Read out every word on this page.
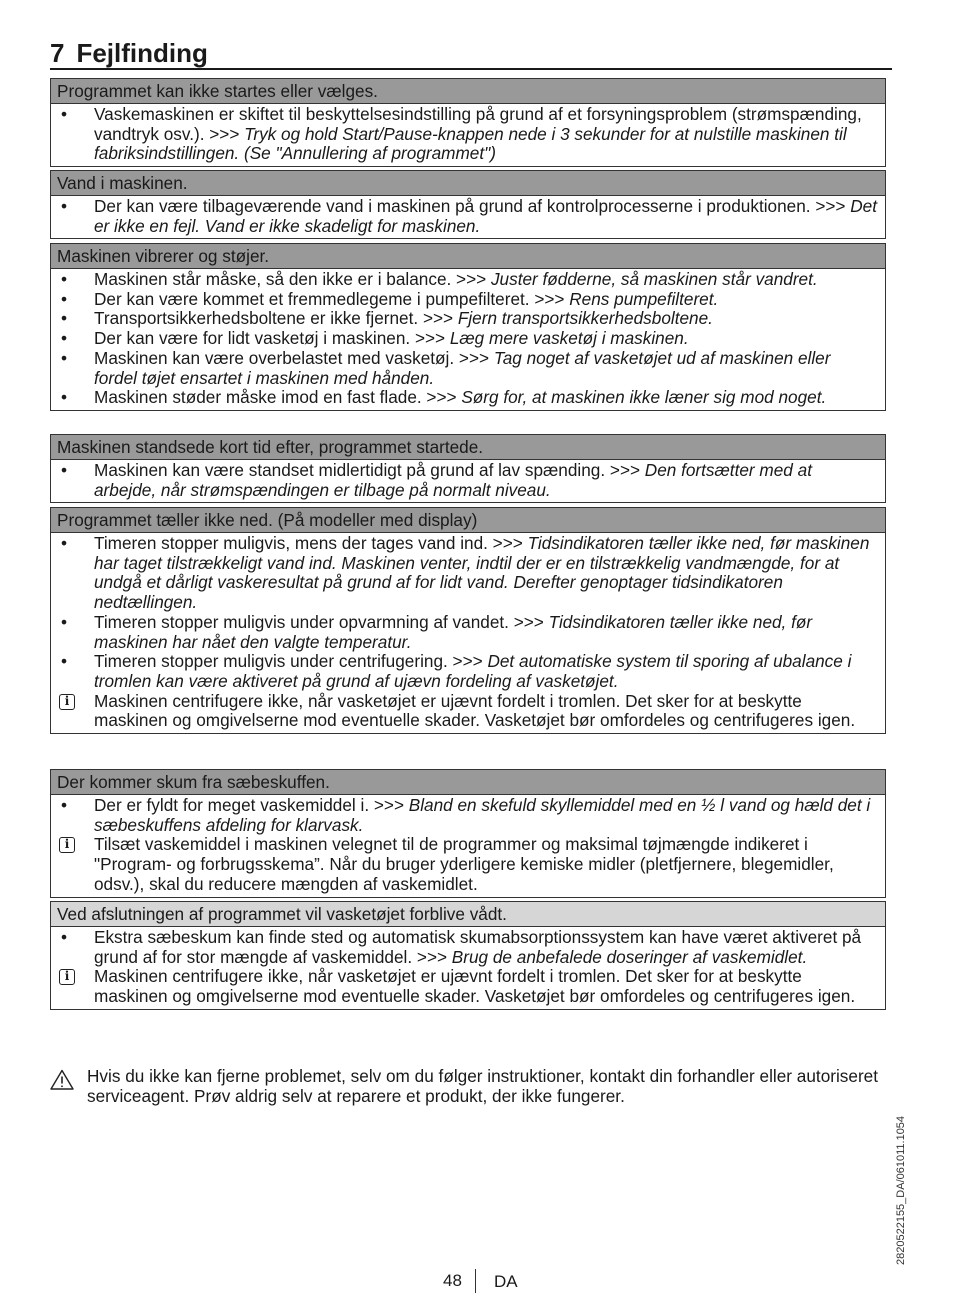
7 Fejlfinding
Programmet kan ikke startes eller vælges.
•	Vaskemaskinen er skiftet til beskyttelsesindstilling på grund af et forsyningsproblem (strømspænding, vandtryk osv.). >>> Tryk og hold Start/Pause-knappen nede i 3 sekunder for at nulstille maskinen til fabriksindstillingen. (Se "Annullering af programmet")
Vand i maskinen.
•	Der kan være tilbageværende vand i maskinen på grund af kontrolprocesserne i produktionen. >>> Det er ikke en fejl. Vand er ikke skadeligt for maskinen.
Maskinen vibrerer og støjer.
•	Maskinen står måske, så den ikke er i balance. >>> Juster fødderne, så maskinen står vandret.
•	Der kan være kommet et fremmedlegeme i pumpefilteret. >>> Rens pumpefilteret.
•	Transportsikkerhedsboltene er ikke fjernet. >>> Fjern transportsikkerhedsboltene.
•	Der kan være for lidt vasketøj i maskinen. >>> Læg mere vasketøj i maskinen.
•	Maskinen kan være overbelastet med vasketøj. >>> Tag noget af vasketøjet ud af maskinen eller fordel tøjet ensartet i maskinen med hånden.
•	Maskinen støder måske imod en fast flade. >>> Sørg for, at maskinen ikke læner sig mod noget.
Maskinen standsede kort tid efter, programmet startede.
•	Maskinen kan være standset midlertidigt på grund af lav spænding. >>> Den fortsætter med at arbejde, når strømspændingen er tilbage på normalt niveau.
Programmet tæller ikke ned. (På modeller med display)
•	Timeren stopper muligvis, mens der tages vand ind. >>> Tidsindikatoren tæller ikke ned, før maskinen har taget tilstrækkeligt vand ind. Maskinen venter, indtil der er en tilstrækkelig vandmængde, for at undgå et dårligt vaskeresultat på grund af for lidt vand. Derefter genoptager tidsindikatoren nedtællingen.
•	Timeren stopper muligvis under opvarmning af vandet. >>> Tidsindikatoren tæller ikke ned, før maskinen har nået den valgte temperatur.
•	Timeren stopper muligvis under centrifugering. >>> Det automatiske system til sporing af ubalance i tromlen kan være aktiveret på grund af ujævn fordeling af vasketøjet.
i	Maskinen centrifugere ikke, når vasketøjet er ujævnt fordelt i tromlen. Det sker for at beskytte maskinen og omgivelserne mod eventuelle skader. Vasketøjet bør omfordeles og centrifugeres igen.
Der kommer skum fra sæbeskuffen.
•	Der er fyldt for meget vaskemiddel i. >>> Bland en skefuld skyllemiddel med en ½ l vand og hæld det i sæbeskuffens afdeling for klarvask.
i	Tilsæt vaskemiddel i maskinen velegnet til de programmer og maksimal tøjmængde indikeret i "Program- og forbrugsskema”. Når du bruger yderligere kemiske midler (pletfjernere, blegemidler, odsv.), skal du reducere mængden af vaskemidlet.
Ved afslutningen af programmet vil vasketøjet forblive vådt.
•	Ekstra sæbeskum kan finde sted og automatisk skumabsorptionssystem kan have været aktiveret på grund af for stor mængde af vaskemiddel. >>> Brug de anbefalede doseringer af vaskemidlet.
i	Maskinen centrifugere ikke, når vasketøjet er ujævnt fordelt i tromlen. Det sker for at beskytte maskinen og omgivelserne mod eventuelle skader. Vasketøjet bør omfordeles og centrifugeres igen.
Hvis du ikke kan fjerne problemet, selv om du følger instruktioner, kontakt din forhandler eller autoriseret serviceagent. Prøv aldrig selv at reparere et produkt, der ikke fungerer.
2820522155_DA/061011.1054
48 DA
